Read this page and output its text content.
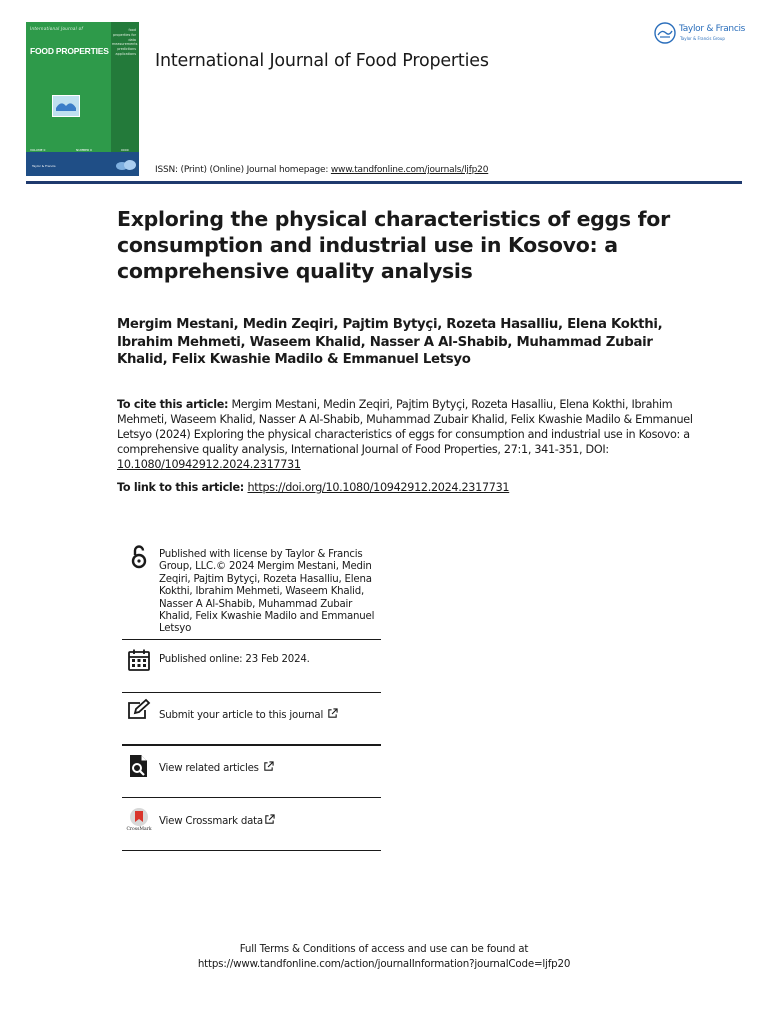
International Journal of
FOOD PROPERTIES
food properties for data measurements predictions applications
VOLUME 0	NUMBER 0	0000
Taylor & Francis
International Journal of Food Properties
Taylor & Francis
Taylor & Francis Group
ISSN: (Print) (Online) Journal homepage: www.tandfonline.com/journals/ljfp20
Exploring the physical characteristics of eggs for consumption and industrial use in Kosovo: a comprehensive quality analysis

Mergim Mestani, Medin Zeqiri, Pajtim Bytyçi, Rozeta Hasalliu, Elena Kokthi, Ibrahim Mehmeti, Waseem Khalid, Nasser A Al-Shabib, Muhammad Zubair Khalid, Felix Kwashie Madilo & Emmanuel Letsyo

To cite this article: Mergim Mestani, Medin Zeqiri, Pajtim Bytyçi, Rozeta Hasalliu, Elena Kokthi, Ibrahim Mehmeti, Waseem Khalid, Nasser A Al-Shabib, Muhammad Zubair Khalid, Felix Kwashie Madilo & Emmanuel Letsyo (2024) Exploring the physical characteristics of eggs for consumption and industrial use in Kosovo: a comprehensive quality analysis, International Journal of Food Properties, 27:1, 341-351, DOI: 10.1080/10942912.2024.2317731

To link to this article: https://doi.org/10.1080/10942912.2024.2317731
Published with license by Taylor & Francis Group, LLC.© 2024 Mergim Mestani, Medin Zeqiri, Pajtim Bytyçi, Rozeta Hasalliu, Elena Kokthi, Ibrahim Mehmeti, Waseem Khalid, Nasser A Al-Shabib, Muhammad Zubair Khalid, Felix Kwashie Madilo and Emmanuel Letsyo
Published online: 23 Feb 2024.
Submit your article to this journal
View related articles
CrossMark
View Crossmark data
Full Terms & Conditions of access and use can be found at
https://www.tandfonline.com/action/journalInformation?journalCode=ljfp20
